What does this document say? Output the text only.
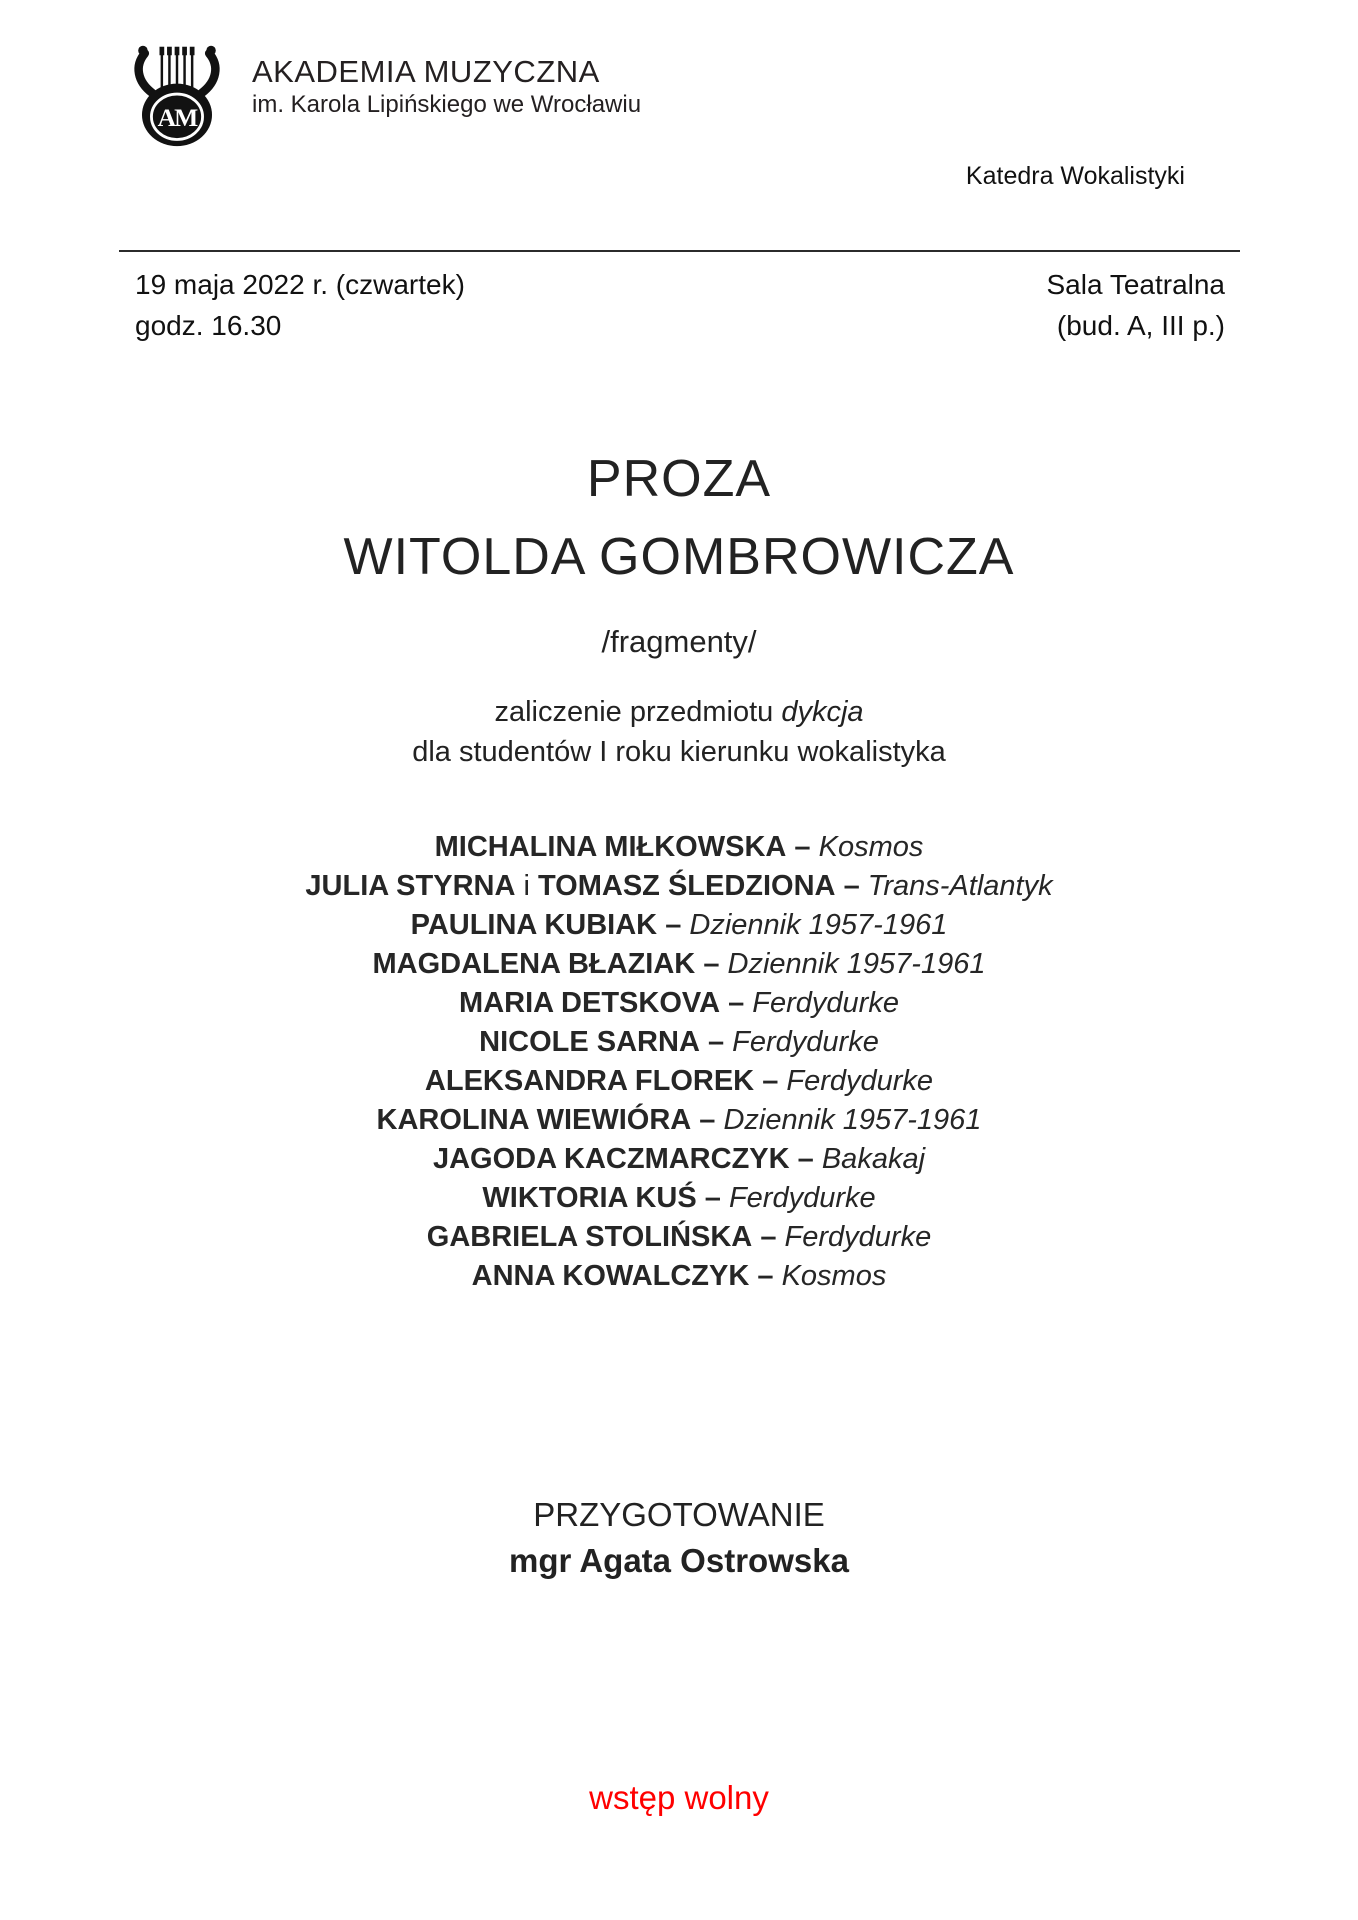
AM
AKADEMIA MUZYCZNA
im. Karola Lipińskiego we Wrocławiu
Katedra Wokalistyki
19 maja 2022 r. (czwartek)
godz. 16.30
Sala Teatralna
(bud. A, III p.)
PROZA
WITOLDA GOMBROWICZA
/fragmenty/
zaliczenie przedmiotu dykcja
dla studentów I roku kierunku wokalistyka
MICHALINA MIŁKOWSKA – Kosmos
JULIA STYRNA i TOMASZ ŚLEDZIONA – Trans-Atlantyk
PAULINA KUBIAK – Dziennik 1957-1961
MAGDALENA BŁAZIAK – Dziennik 1957-1961
MARIA DETSKOVA – Ferdydurke
NICOLE SARNA – Ferdydurke
ALEKSANDRA FLOREK – Ferdydurke
KAROLINA WIEWIÓRA – Dziennik 1957-1961
JAGODA KACZMARCZYK – Bakakaj
WIKTORIA KUŚ – Ferdydurke
GABRIELA STOLIŃSKA – Ferdydurke
ANNA KOWALCZYK – Kosmos
PRZYGOTOWANIE
mgr Agata Ostrowska
wstęp wolny
